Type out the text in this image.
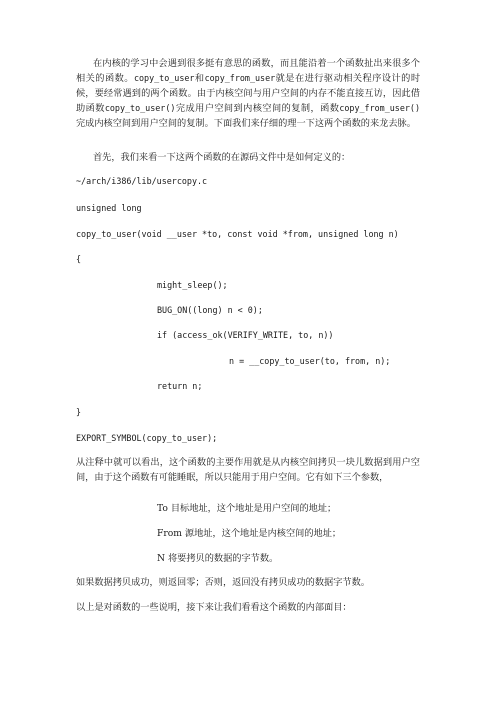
在内核的学习中会遇到很多挺有意思的函数，而且能沿着一个函数扯出来很多个相关的函数。copy_to_user和copy_from_user就是在进行驱动相关程序设计的时候，要经常遇到的两个函数。由于内核空间与用户空间的内存不能直接互访，因此借助函数copy_to_user()完成用户空间到内核空间的复制，函数copy_from_user()完成内核空间到用户空间的复制。下面我们来仔细的理一下这两个函数的来龙去脉。

首先，我们来看一下这两个函数的在源码文件中是如何定义的：

~/arch/i386/lib/usercopy.c

unsigned long

copy_to_user(void __user *to, const void *from, unsigned long n)

{

might_sleep();

BUG_ON((long) n < 0);

if (access_ok(VERIFY_WRITE, to, n))

n = __copy_to_user(to, from, n);

return n;

}

EXPORT_SYMBOL(copy_to_user);

从注释中就可以看出，这个函数的主要作用就是从内核空间拷贝一块儿数据到用户空间，由于这个函数有可能睡眠，所以只能用于用户空间。它有如下三个参数，

To 目标地址，这个地址是用户空间的地址；

From 源地址，这个地址是内核空间的地址；

N 将要拷贝的数据的字节数。

如果数据拷贝成功，则返回零；否则，返回没有拷贝成功的数据字节数。

以上是对函数的一些说明，接下来让我们看看这个函数的内部面目：
